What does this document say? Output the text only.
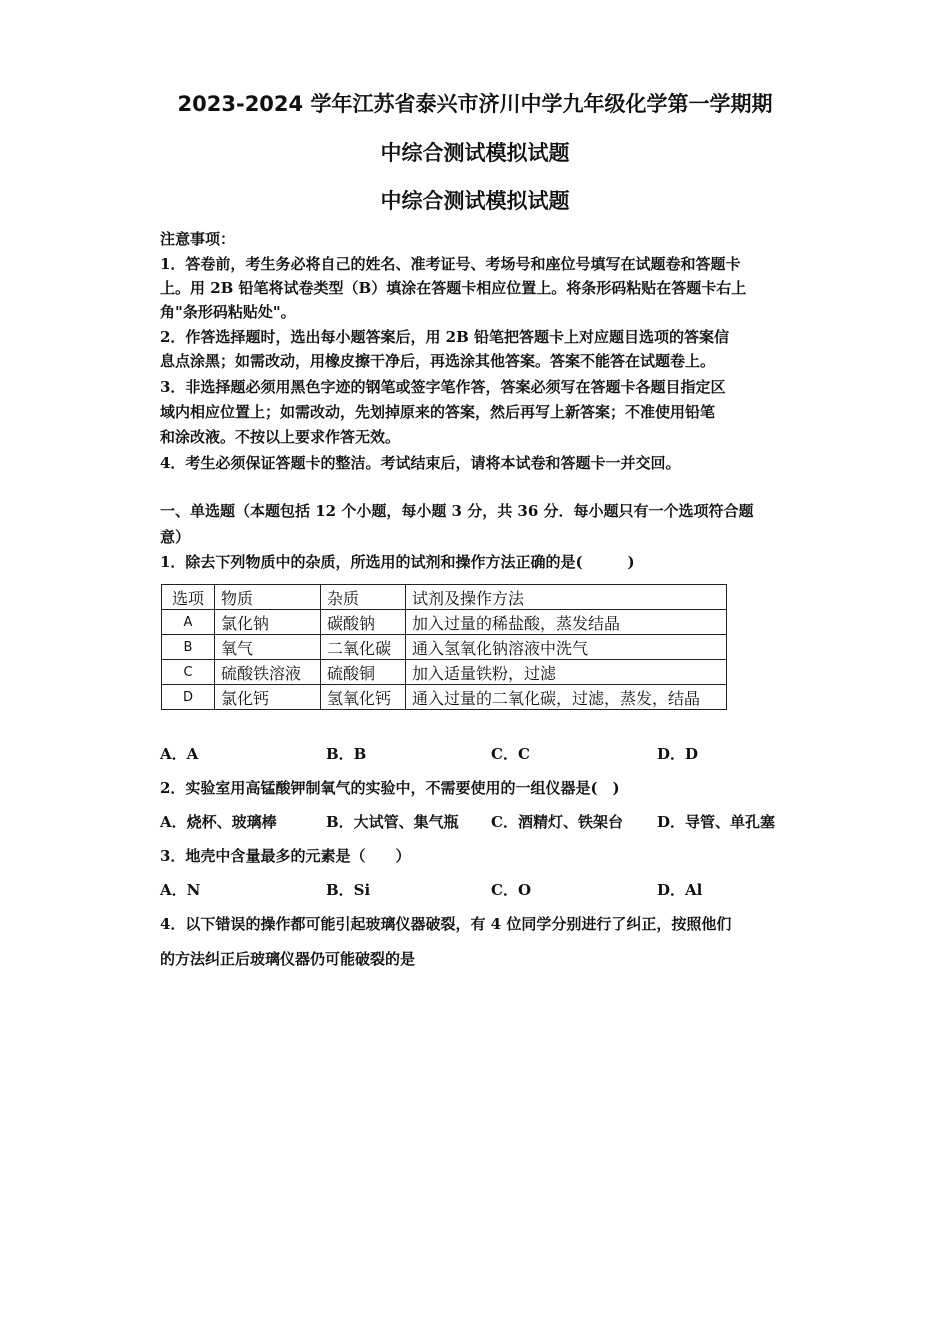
2023-2024 学年江苏省泰兴市济川中学九年级化学第一学期期
中综合测试模拟试题
中综合测试模拟试题
注意事项：
1．答卷前，考生务必将自己的姓名、准考证号、考场号和座位号填写在试题卷和答题卡
上。用 2B 铅笔将试卷类型（B）填涂在答题卡相应位置上。将条形码粘贴在答题卡右上
角"条形码粘贴处"。
2．作答选择题时，选出每小题答案后，用 2B 铅笔把答题卡上对应题目选项的答案信
息点涂黑；如需改动，用橡皮擦干净后，再选涂其他答案。答案不能答在试题卷上。
3．非选择题必须用黑色字迹的钢笔或签字笔作答，答案必须写在答题卡各题目指定区
域内相应位置上；如需改动，先划掉原来的答案，然后再写上新答案；不准使用铅笔
和涂改液。不按以上要求作答无效。
4．考生必须保证答题卡的整洁。考试结束后，请将本试卷和答题卡一并交回。
一、单选题（本题包括 12 个小题，每小题 3 分，共 36 分．每小题只有一个选项符合题
意）
1．除去下列物质中的杂质，所选用的试剂和操作方法正确的是(　　　)
选项	物质	杂质	试剂及操作方法
A	氯化钠	碳酸钠	加入过量的稀盐酸，蒸发结晶
B	氧气	二氧化碳	通入氢氧化钠溶液中洗气
C	硫酸铁溶液	硫酸铜	加入适量铁粉，过滤
D	氯化钙	氢氧化钙	通入过量的二氧化碳，过滤，蒸发，结晶
A．A	B．B	C．C	D．D
2．实验室用高锰酸钾制氧气的实验中，不需要使用的一组仪器是(　)
A．烧杯、玻璃棒	B．大试管、集气瓶 C．酒精灯、铁架台 D．导管、单孔塞
3．地壳中含量最多的元素是（　　）
A．N	B．Si	C．O	D．Al
4．以下错误的操作都可能引起玻璃仪器破裂，有 4 位同学分别进行了纠正，按照他们
的方法纠正后玻璃仪器仍可能破裂的是
